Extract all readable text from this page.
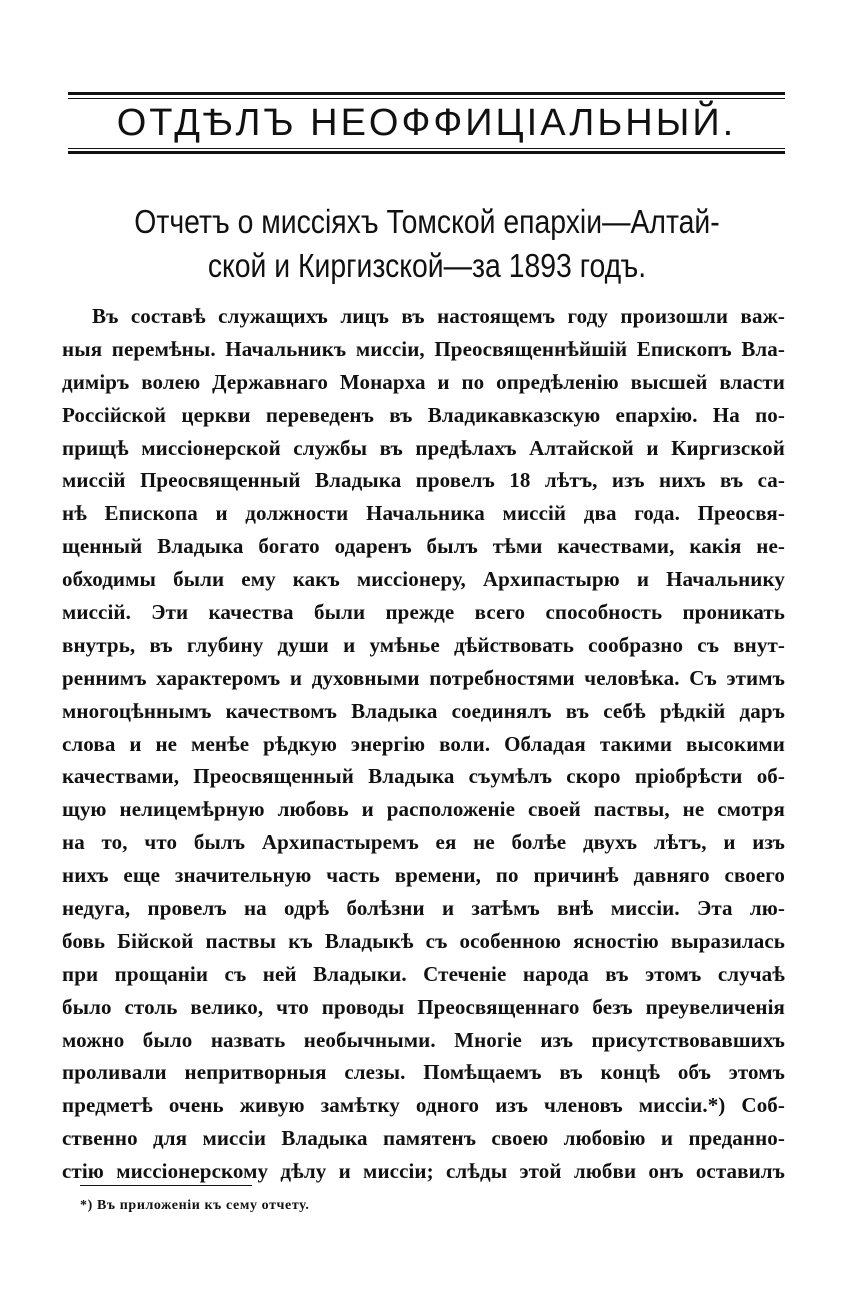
ОТДѢЛЪ НЕОФФИЦІАЛЬНЫЙ.
Отчетъ о миссіяхъ Томской епархіи—Алтай-
ской и Киргизской—за 1893 годъ.
Въ составѣ служащихъ лицъ въ настоящемъ году произошли важ-
ныя перемѣны. Начальникъ миссіи, Преосвященнѣйшій Епископъ Вла-
диміръ волею Державнаго Монарха и по опредѣленію высшей власти
Россійской церкви переведенъ въ Владикавказскую епархію. На по-
прищѣ миссіонерской службы въ предѣлахъ Алтайской и Киргизской
миссій Преосвященный Владыка провелъ 18 лѣтъ, изъ нихъ въ са-
нѣ Епископа и должности Начальника миссій два года. Преосвя-
щенный Владыка богато одаренъ былъ тѣми качествами, какія не-
обходимы были ему какъ миссіонеру, Архипастырю и Начальнику
миссій. Эти качества были прежде всего способность проникать
внутрь, въ глубину души и умѣнье дѣйствовать сообразно съ внут-
реннимъ характеромъ и духовными потребностями человѣка. Съ этимъ
многоцѣннымъ качествомъ Владыка соединялъ въ себѣ рѣдкій даръ
слова и не менѣе рѣдкую энергію воли. Обладая такими высокими
качествами, Преосвященный Владыка съумѣлъ скоро пріобрѣсти об-
щую нелицемѣрную любовь и расположеніе своей паствы, не смотря
на то, что былъ Архипастыремъ ея не болѣе двухъ лѣтъ, и изъ
нихъ еще значительную часть времени, по причинѣ давняго своего
недуга, провелъ на одрѣ болѣзни и затѣмъ внѣ миссіи. Эта лю-
бовь Бійской паствы къ Владыкѣ съ особенною ясностію выразилась
при прощаніи съ ней Владыки. Стеченіе народа въ этомъ случаѣ
было столь велико, что проводы Преосвященнаго безъ преувеличенія
можно было назвать необычными. Многіе изъ присутствовавшихъ
проливали непритворныя слезы. Помѣщаемъ въ концѣ объ этомъ
предметѣ очень живую замѣтку одного изъ членовъ миссіи.*) Соб-
ственно для миссіи Владыка памятенъ своею любовію и преданно-
стію миссіонерскому дѣлу и миссіи; слѣды этой любви онъ оставилъ
*) Въ приложеніи къ сему отчету.
